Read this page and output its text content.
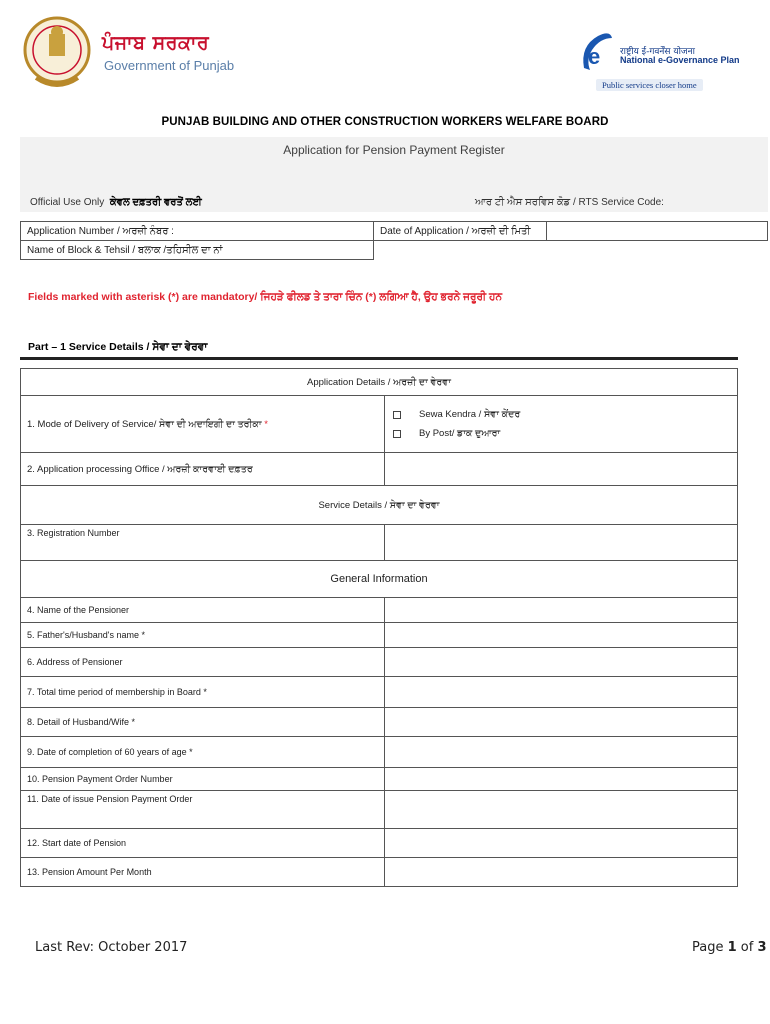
ਪੰਜਾਬ ਸਰਕਾਰ
Government of Punjab	e राष्ट्रीय ई-गवर्नेंस योजना
National e-Governance Plan
Public services closer home
PUNJAB BUILDING AND OTHER CONSTRUCTION WORKERS WELFARE BOARD
Application for Pension Payment Register
Official Use Only ਕੇਵਲ ਦਫ਼ਤਰੀ ਵਰਤੋਂ ਲਈ	ਆਰ ਟੀ ਐਸ ਸਰਵਿਸ ਕੋਡ / RTS Service Code:
Application Number / ਅਰਜ਼ੀ ਨੰਬਰ :	Date of Application / ਅਰਜ਼ੀ ਦੀ ਮਿਤੀ	
Name of Block & Tehsil / ਬਲਾਕ /ਤਹਿਸੀਲ ਦਾ ਨਾਂ		
Fields marked with asterisk (*) are mandatory/ ਜਿਹੜੇ ਫੀਲਡ ਤੇ ਤਾਰਾ ਚਿੰਨ (*) ਲਗਿਆ ਹੈ, ਉਹ ਭਰਨੇ ਜਰੂਰੀ ਹਨ
Part – 1 Service Details / ਸੇਵਾ ਦਾ ਵੇਰਵਾ
Application Details / ਅਰਜ਼ੀ ਦਾ ਵੇਰਵਾ	
1. Mode of Delivery of Service/ ਸੇਵਾ ਦੀ ਅਦਾਇਗੀ ਦਾ ਤਰੀਕਾ *	Sewa Kendra / ਸੇਵਾ ਕੇਂਦਰ
By Post/ ਡਾਕ ਦੁਆਰਾ

2. Application processing Office / ਅਰਜ਼ੀ ਕਾਰਵਾਈ ਦਫ਼ਤਰ	
Service Details / ਸੇਵਾ ਦਾ ਵੇਰਵਾ	
3. Registration Number	
General Information	
4. Name of the Pensioner	
5. Father's/Husband's name *	
6. Address of Pensioner	
7. Total time period of membership in Board *	
8. Detail of Husband/Wife *	
9. Date of completion of 60 years of age *	
10. Pension Payment Order Number	
11. Date of issue Pension Payment Order	
12. Start date of Pension	
13. Pension Amount Per Month	
Last Rev: October 2017	Page 1 of 3
